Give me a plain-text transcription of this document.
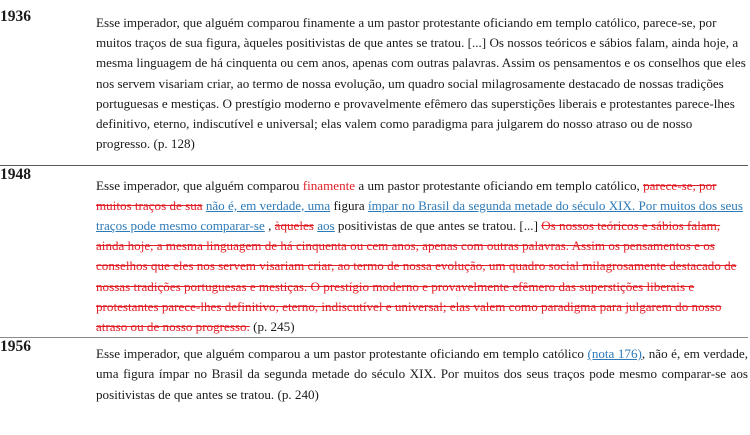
1936	Esse imperador, que alguém comparou finamente a um pastor protestante oficiando em templo católico, parece-se, por muitos traços de sua figura, àqueles positivistas de que antes se tratou. [...] Os nossos teóricos e sábios falam, ainda hoje, a mesma linguagem de há cinquenta ou cem anos, apenas com outras palavras. Assim os pensamentos e os conselhos que eles nos servem visariam criar, ao termo de nossa evolução, um quadro social milagrosamente destacado de nossas tradições portuguesas e mestiças. O prestígio moderno e provavelmente efêmero das superstições liberais e protestantes parece-lhes definitivo, eterno, indiscutível e universal; elas valem como paradigma para julgarem do nosso atraso ou de nosso progresso. (p. 128)
1948	Esse imperador, que alguém comparou finamente a um pastor protestante oficiando em templo católico, parece-se, por muitos traços de sua não é, em verdade, uma figura ímpar no Brasil da segunda metade do século XIX. Por muitos dos seus traços pode mesmo comparar-se , àqueles aos positivistas de que antes se tratou. [...] Os nossos teóricos e sábios falam, ainda hoje, a mesma linguagem de há cinquenta ou cem anos, apenas com outras palavras. Assim os pensamentos e os conselhos que eles nos servem visariam criar, ao termo de nossa evolução, um quadro social milagrosamente destacado de nossas tradições portuguesas e mestiças. O prestígio moderno e provavelmente efêmero das superstições liberais e protestantes parece-lhes definitivo, eterno, indiscutível e universal; elas valem como paradigma para julgarem do nosso atraso ou de nosso progresso. (p. 245)
1956	Esse imperador, que alguém comparou a um pastor protestante oficiando em templo católico (nota 176), não é, em verdade, uma figura ímpar no Brasil da segunda metade do século XIX. Por muitos dos seus traços pode mesmo comparar-se aos positivistas de que antes se tratou. (p. 240)
